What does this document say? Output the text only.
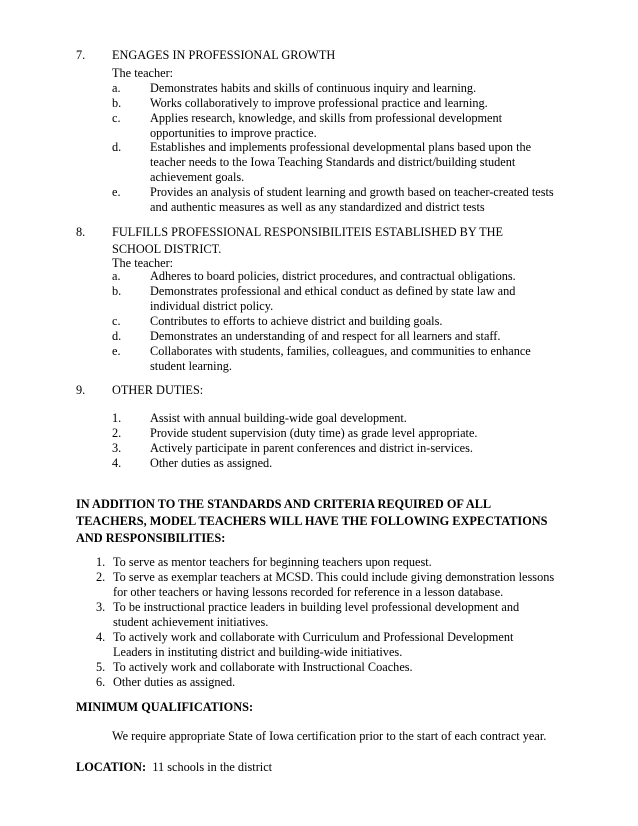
7. ENGAGES IN PROFESSIONAL GROWTH
The teacher:
a. Demonstrates habits and skills of continuous inquiry and learning.
b. Works collaboratively to improve professional practice and learning.
c. Applies research, knowledge, and skills from professional development
opportunities to improve practice.
d. Establishes and implements professional developmental plans based upon the
teacher needs to the Iowa Teaching Standards and district/building student
achievement goals.
e. Provides an analysis of student learning and growth based on teacher-created tests
and authentic measures as well as any standardized and district tests
8. FULFILLS PROFESSIONAL RESPONSIBILITEIS ESTABLISHED BY THE
SCHOOL DISTRICT.
The teacher:
a. Adheres to board policies, district procedures, and contractual obligations.
b. Demonstrates professional and ethical conduct as defined by state law and
individual district policy.
c. Contributes to efforts to achieve district and building goals.
d. Demonstrates an understanding of and respect for all learners and staff.
e. Collaborates with students, families, colleagues, and communities to enhance
student learning.
9. OTHER DUTIES:
1. Assist with annual building-wide goal development.
2. Provide student supervision (duty time) as grade level appropriate.
3. Actively participate in parent conferences and district in-services.
4. Other duties as assigned.
IN ADDITION TO THE STANDARDS AND CRITERIA REQUIRED OF ALL
TEACHERS, MODEL TEACHERS WILL HAVE THE FOLLOWING EXPECTATIONS
AND RESPONSIBILITIES:
1. To serve as mentor teachers for beginning teachers upon request.
2. To serve as exemplar teachers at MCSD. This could include giving demonstration lessons
for other teachers or having lessons recorded for reference in a lesson database.
3. To be instructional practice leaders in building level professional development and
student achievement initiatives.
4. To actively work and collaborate with Curriculum and Professional Development
Leaders in instituting district and building-wide initiatives.
5. To actively work and collaborate with Instructional Coaches.
6. Other duties as assigned.
MINIMUM QUALIFICATIONS:
We require appropriate State of Iowa certification prior to the start of each contract year.
LOCATION: 11 schools in the district
